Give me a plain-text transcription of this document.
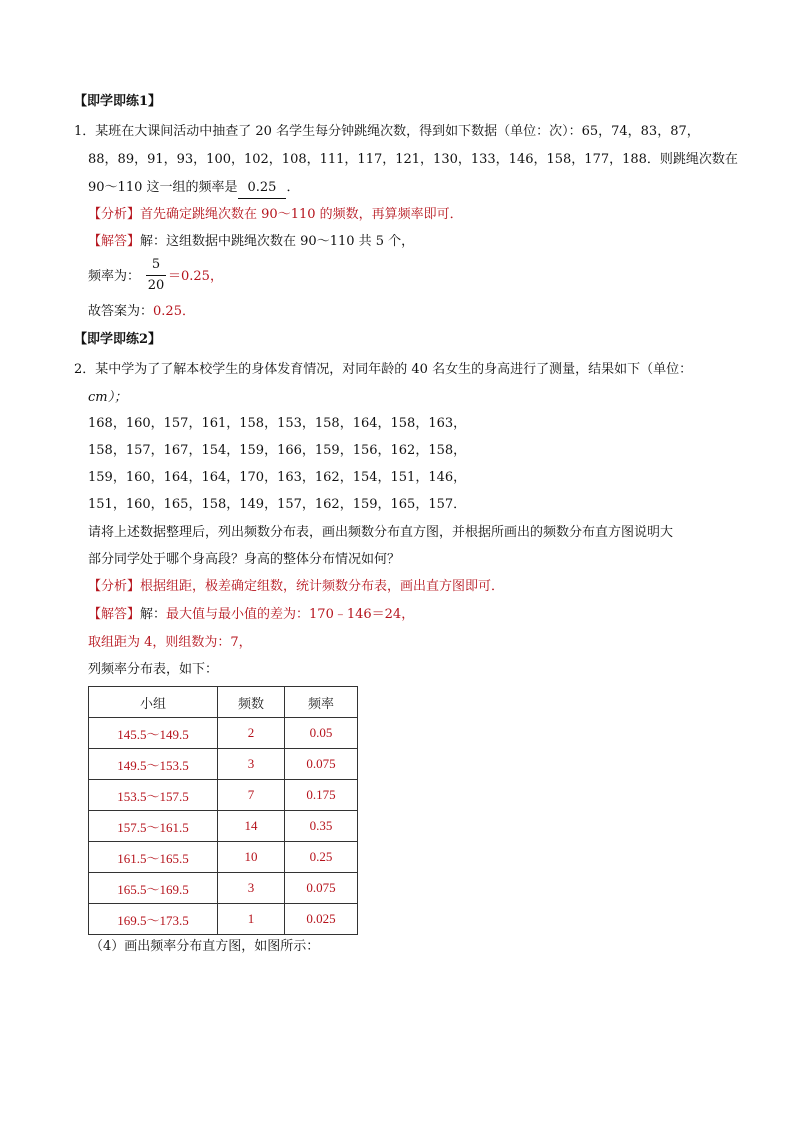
【即学即练1】
1．某班在大课间活动中抽查了 20 名学生每分钟跳绳次数，得到如下数据（单位：次）：65，74，83，87，
88，89，91，93，100，102，108，111，117，121，130，133，146，158，177，188．则跳绳次数在
90～110 这一组的频率是 0.25 ．
【分析】首先确定跳绳次数在 90～110 的频数，再算频率即可．
【解答】解：这组数据中跳绳次数在 90～110 共 5 个，
频率为：
5
20
＝0.25，
故答案为：0.25．
【即学即练2】
2．某中学为了了解本校学生的身体发育情况，对同年龄的 40 名女生的身高进行了测量，结果如下（单位：
cm）；
168，160，157，161，158，153，158，164，158，163，
158，157，167，154，159，166，159，156，162，158，
159，160，164，164，170，163，162，154，151，146，
151，160，165，158，149，157，162，159，165，157．
请将上述数据整理后，列出频数分布表，画出频数分布直方图，并根据所画出的频数分布直方图说明大
部分同学处于哪个身高段？身高的整体分布情况如何？
【分析】根据组距，极差确定组数，统计频数分布表，画出直方图即可．
【解答】解：最大值与最小值的差为：170﹣146＝24，
取组距为 4，则组数为：7，
列频率分布表，如下：
小组	频数	频率
145.5～149.5	2	0.05
149.5～153.5	3	0.075
153.5～157.5	7	0.175
157.5～161.5	14	0.35
161.5～165.5	10	0.25
165.5～169.5	3	0.075
169.5～173.5	1	0.025
（4）画出频率分布直方图，如图所示：
